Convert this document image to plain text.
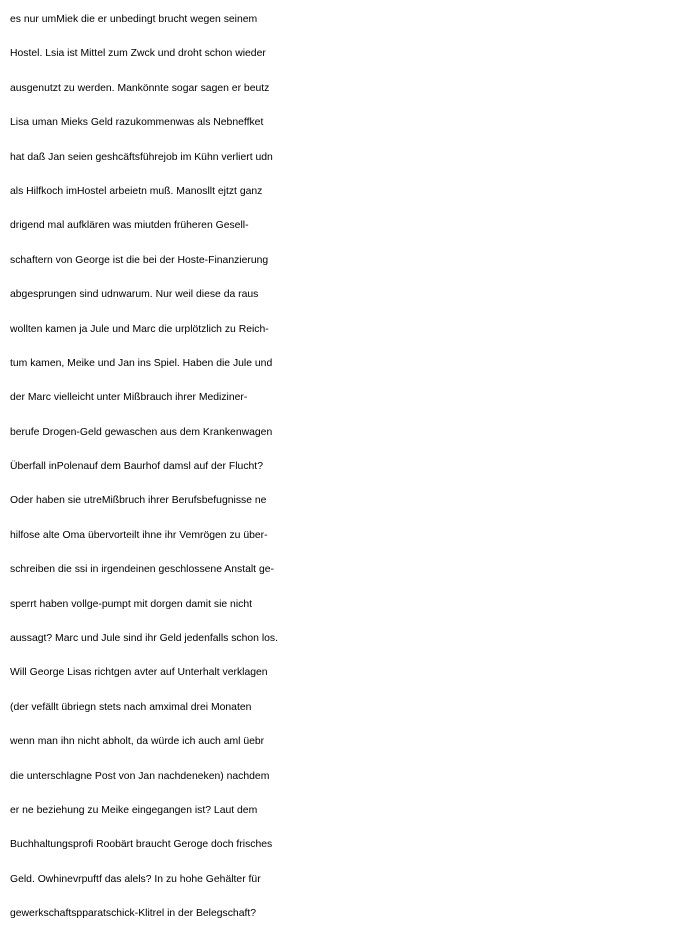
es nur umMiek die er unbedingt brucht wegen seinem
Hostel. Lsia ist Mittel zum Zwck und droht schon wieder
ausgenutzt zu werden. Mankönnte sogar sagen er beutz
Lisa uman Mieks Geld razukommenwas als Nebneffket
hat daß Jan seien geshcäftsführejob im Kühn verliert udn
als Hilfkoch imHostel arbeietn muß. Manosllt ejtzt ganz
drigend mal aufklären was miutden früheren Gesell-
schaftern von George ist die bei der Hoste-Finanzierung
abgesprungen sind udnwarum. Nur weil diese da raus
wollten kamen ja Jule und Marc die urplötzlich zu Reich-
tum kamen, Meike und Jan ins Spiel. Haben die Jule und
der Marc vielleicht unter Mißbrauch ihrer Mediziner-
berufe Drogen-Geld gewaschen aus dem Krankenwagen
Überfall inPolenauf dem Baurhof damsl auf der Flucht?
Oder haben sie utreMißbruch ihrer Berufsbefugnisse ne
hilfose alte Oma übervorteilt ihne ihr Vemrögen zu über-
schreiben die ssi in irgendeinen geschlossene Anstalt ge-
sperrt haben vollge-pumpt mit dorgen damit sie nicht
aussagt? Marc und Jule sind ihr Geld jedenfalls schon los.
Will George Lisas richtgen avter auf Unterhalt verklagen
(der vefällt übriegn stets nach amximal drei Monaten
wenn man ihn nicht abholt, da würde ich auch aml üebr
die unterschlagne Post von Jan nachdeneken) nachdem
er ne beziehung zu Meike eingegangen ist? Laut dem
Buchhaltungsprofi Roobärt braucht Geroge doch frisches
Geld. Owhinevrpuftf das alels? In zu hohe Gehälter für
gewerkschaftspparatschick-Klitrel in der Belegschaft?
